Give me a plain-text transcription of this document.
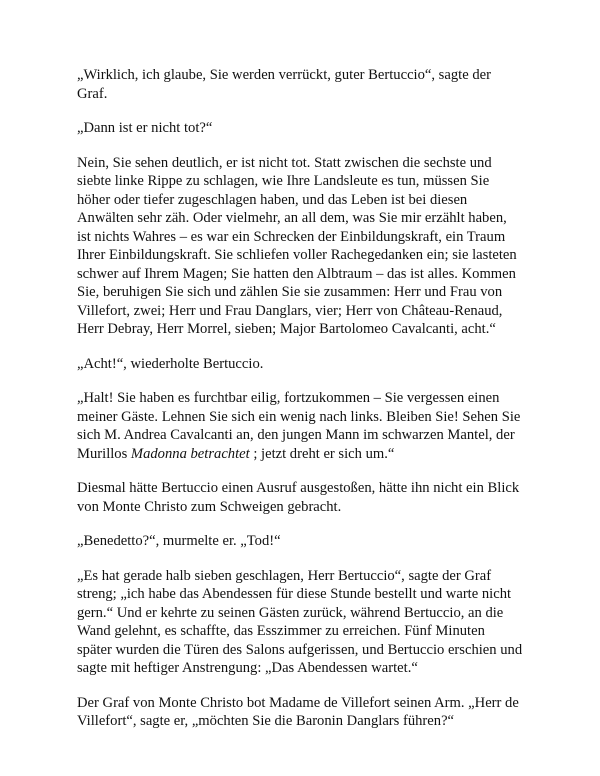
„Wirklich, ich glaube, Sie werden verrückt, guter Bertuccio“, sagte der
Graf.

„Dann ist er nicht tot?“

Nein, Sie sehen deutlich, er ist nicht tot. Statt zwischen die sechste und
siebte linke Rippe zu schlagen, wie Ihre Landsleute es tun, müssen Sie
höher oder tiefer zugeschlagen haben, und das Leben ist bei diesen
Anwälten sehr zäh. Oder vielmehr, an all dem, was Sie mir erzählt haben,
ist nichts Wahres – es war ein Schrecken der Einbildungskraft, ein Traum
Ihrer Einbildungskraft. Sie schliefen voller Rachegedanken ein; sie lasteten
schwer auf Ihrem Magen; Sie hatten den Albtraum – das ist alles. Kommen
Sie, beruhigen Sie sich und zählen Sie sie zusammen: Herr und Frau von
Villefort, zwei; Herr und Frau Danglars, vier; Herr von Château-Renaud,
Herr Debray, Herr Morrel, sieben; Major Bartolomeo Cavalcanti, acht.“

„Acht!“, wiederholte Bertuccio.

„Halt! Sie haben es furchtbar eilig, fortzukommen – Sie vergessen einen
meiner Gäste. Lehnen Sie sich ein wenig nach links. Bleiben Sie! Sehen Sie
sich M. Andrea Cavalcanti an, den jungen Mann im schwarzen Mantel, der
Murillos Madonna betrachtet ; jetzt dreht er sich um.“

Diesmal hätte Bertuccio einen Ausruf ausgestoßen, hätte ihn nicht ein Blick
von Monte Christo zum Schweigen gebracht.

„Benedetto?“, murmelte er. „Tod!“

„Es hat gerade halb sieben geschlagen, Herr Bertuccio“, sagte der Graf
streng; „ich habe das Abendessen für diese Stunde bestellt und warte nicht
gern.“ Und er kehrte zu seinen Gästen zurück, während Bertuccio, an die
Wand gelehnt, es schaffte, das Esszimmer zu erreichen. Fünf Minuten
später wurden die Türen des Salons aufgerissen, und Bertuccio erschien und
sagte mit heftiger Anstrengung: „Das Abendessen wartet.“

Der Graf von Monte Christo bot Madame de Villefort seinen Arm. „Herr de
Villefort“, sagte er, „möchten Sie die Baronin Danglars führen?“
